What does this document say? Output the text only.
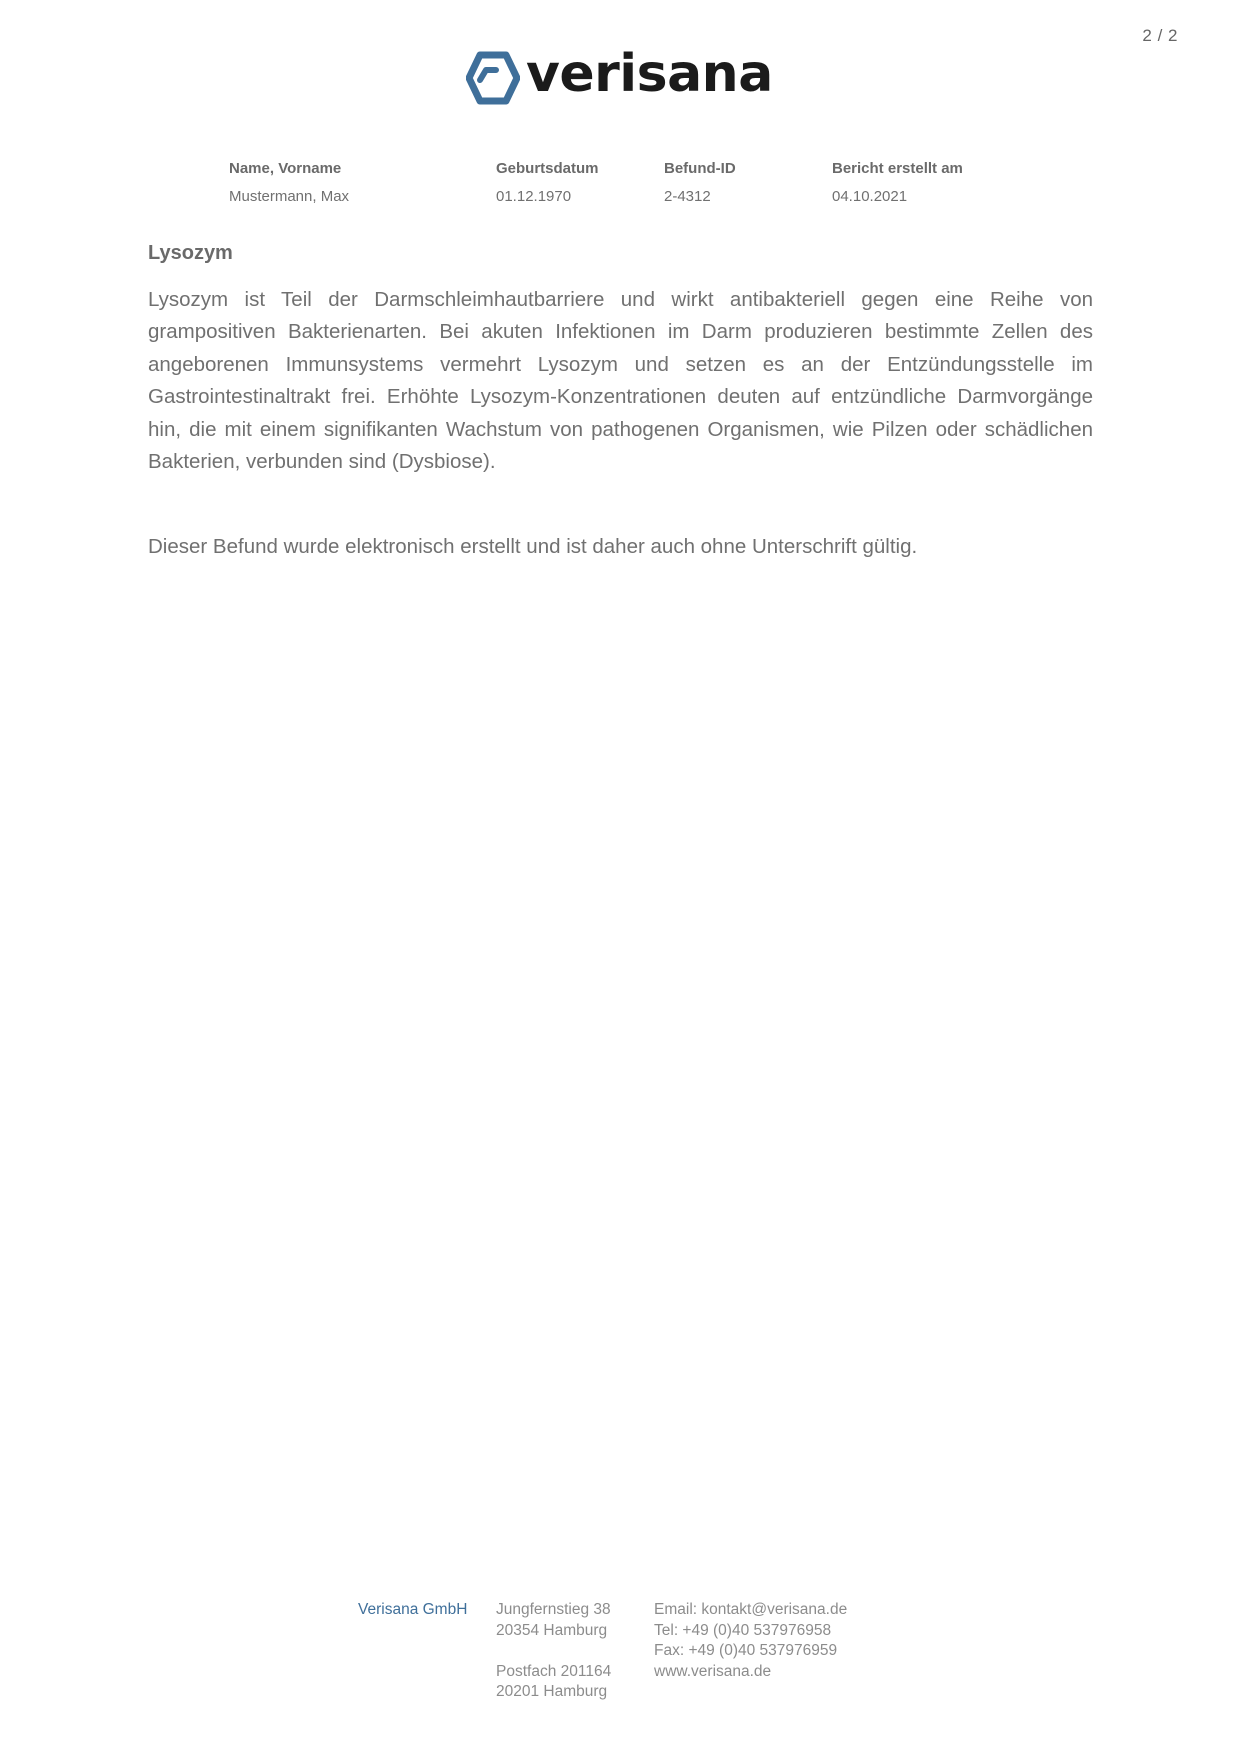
2 / 2
verisana
Name, Vorname
Mustermann, Max
Geburtsdatum
01.12.1970
Befund-ID
2-4312
Bericht erstellt am
04.10.2021
Lysozym

Lysozym ist Teil der Darmschleimhautbarriere und wirkt antibakteriell gegen eine Reihe von grampositiven Bakterienarten. Bei akuten Infektionen im Darm produzieren bestimmte Zellen des angeborenen Immunsystems vermehrt Lysozym und setzen es an der Entzündungsstelle im Gastrointestinaltrakt frei. Erhöhte Lysozym-Konzentrationen deuten auf entzündliche Darmvorgänge hin, die mit einem signifikanten Wachstum von pathogenen Organismen, wie Pilzen oder schädlichen Bakterien, verbunden sind (Dysbiose).

Dieser Befund wurde elektronisch erstellt und ist daher auch ohne Unterschrift gültig.

Verisana GmbH Jungfernstieg 38
20354 Hamburg
Postfach 201164
20201 Hamburg
Email: kontakt@verisana.de
Tel: +49 (0)40 537976958
Fax: +49 (0)40 537976959
www.verisana.de
